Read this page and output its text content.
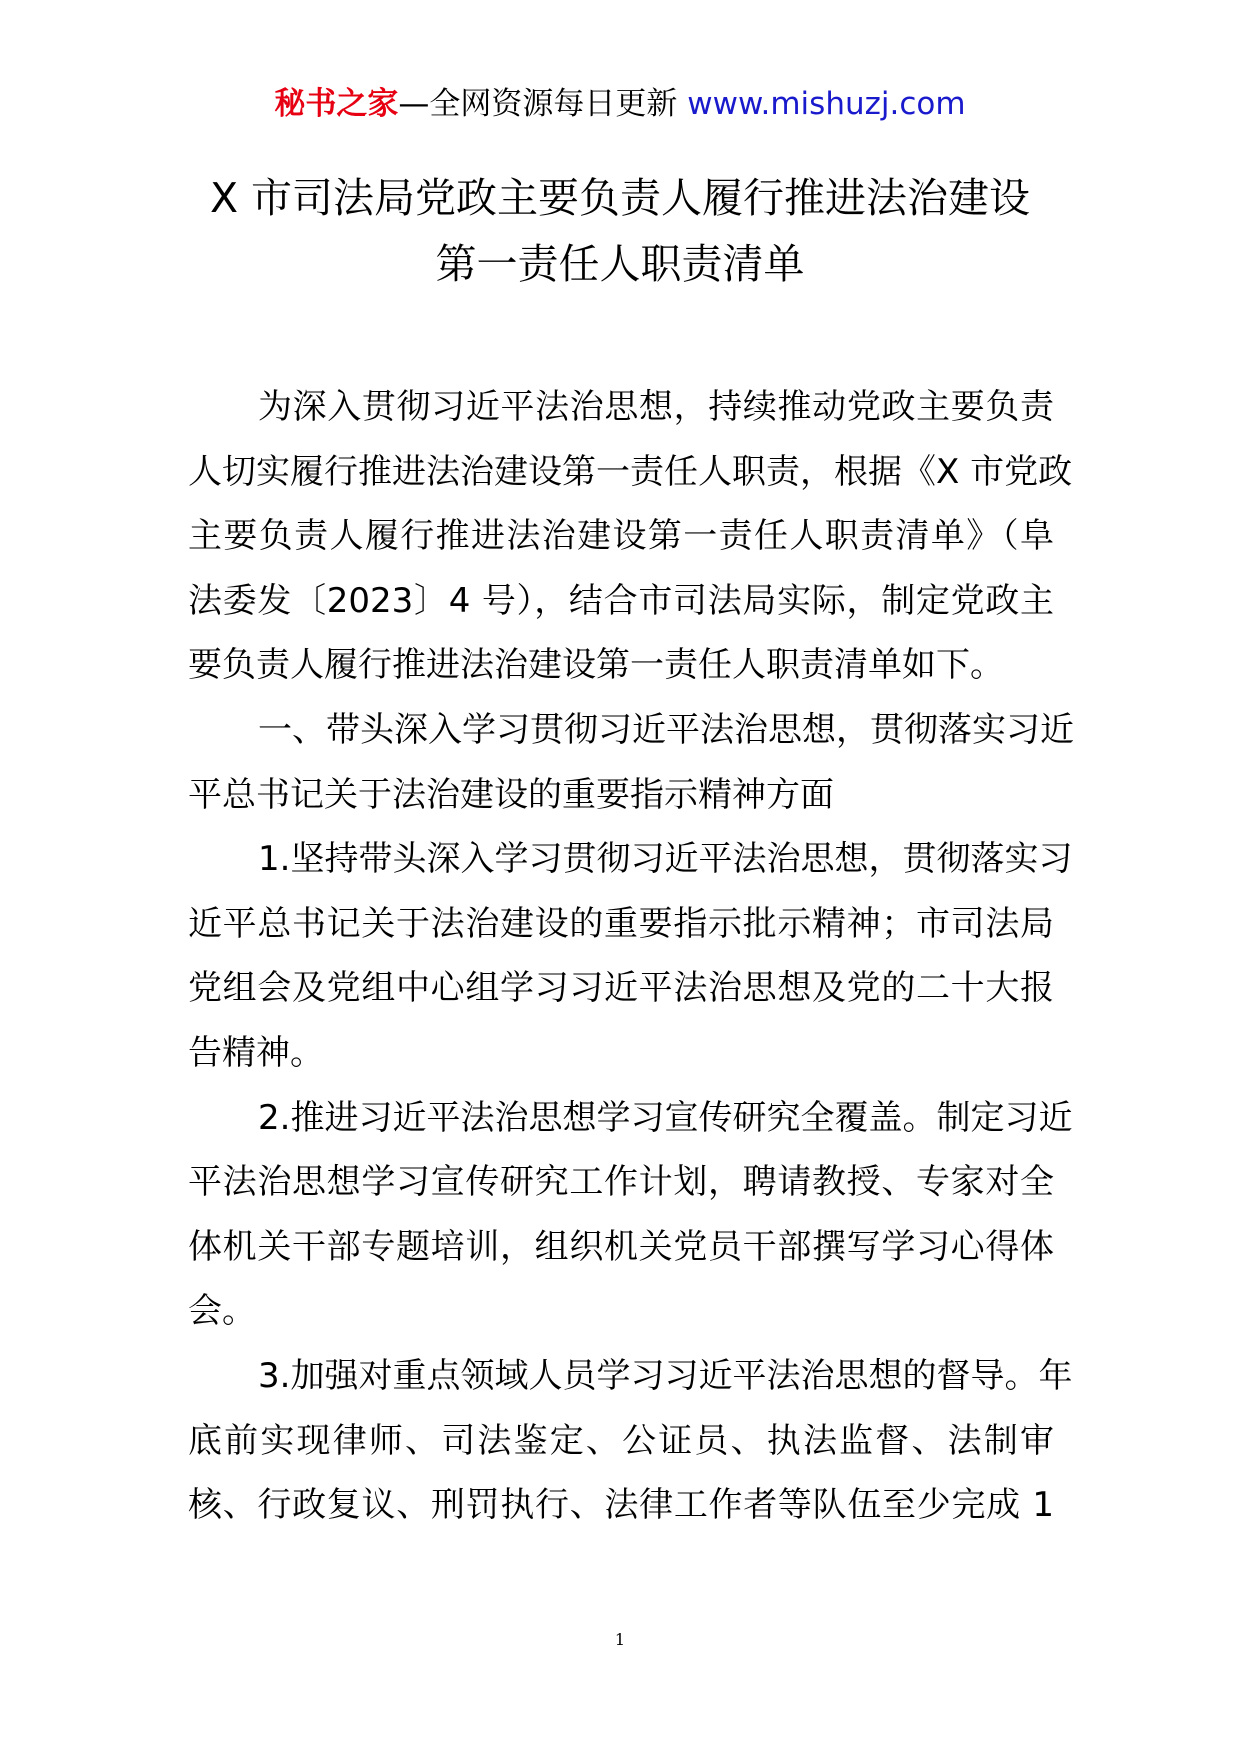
秘书之家—全网资源每日更新 www.mishuzj.com
X 市司法局党政主要负责人履行推进法治建设
第一责任人职责清单
为深入贯彻习近平法治思想，持续推动党政主要负责
人切实履行推进法治建设第一责任人职责，根据《X 市党政
主要负责人履行推进法治建设第一责任人职责清单》（阜
法委发〔2023〕4 号），结合市司法局实际，制定党政主
要负责人履行推进法治建设第一责任人职责清单如下。
一、带头深入学习贯彻习近平法治思想，贯彻落实习近
平总书记关于法治建设的重要指示精神方面
1.坚持带头深入学习贯彻习近平法治思想，贯彻落实习
近平总书记关于法治建设的重要指示批示精神；市司法局
党组会及党组中心组学习习近平法治思想及党的二十大报
告精神。
2.推进习近平法治思想学习宣传研究全覆盖。制定习近
平法治思想学习宣传研究工作计划，聘请教授、专家对全
体机关干部专题培训，组织机关党员干部撰写学习心得体
会。
3.加强对重点领域人员学习习近平法治思想的督导。年
底前实现律师、司法鉴定、公证员、执法监督、法制审
核、行政复议、刑罚执行、法律工作者等队伍至少完成 1
1
